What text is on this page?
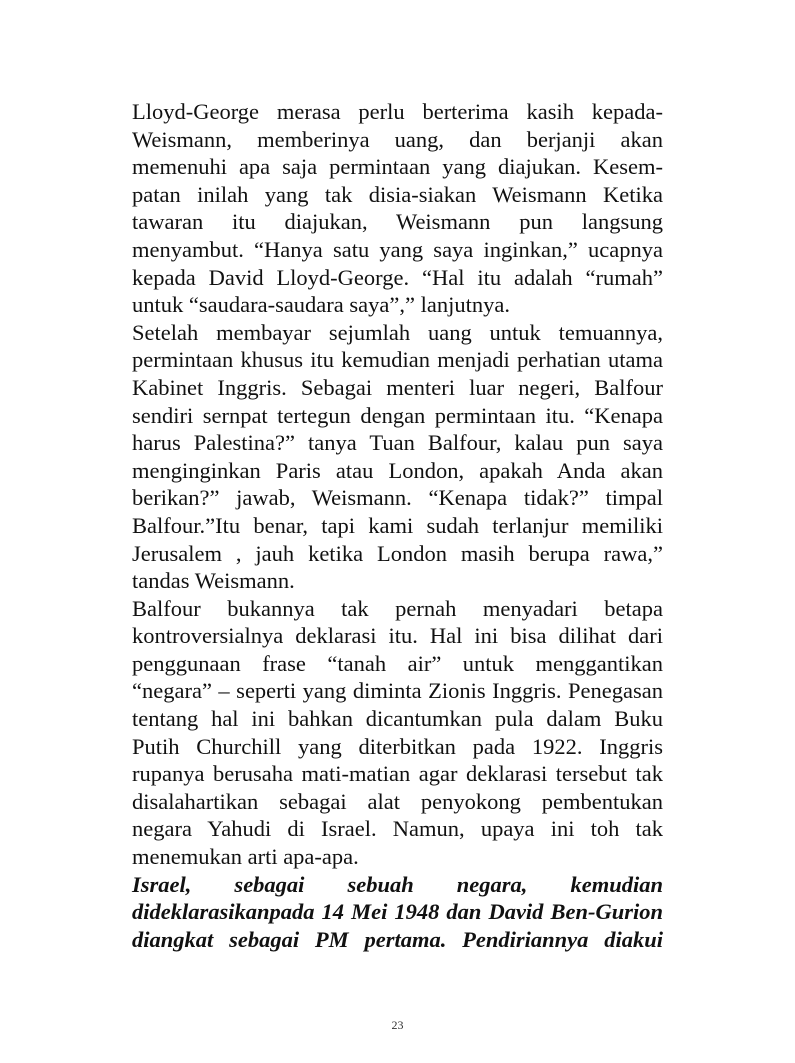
Lloyd-George merasa perlu berterima kasih kepada-Weismann, memberinya uang, dan berjanji akan memenuhi apa saja permintaan yang diajukan. Kesem-patan inilah yang tak disia-siakan Weismann Ketika tawaran itu diajukan, Weismann pun langsung menyambut. “Hanya satu yang saya inginkan,” ucapnya kepada David Lloyd-George. “Hal itu adalah “rumah” untuk “saudara-saudara saya”,” lanjutnya.

Setelah membayar sejumlah uang untuk temuannya, permintaan khusus itu kemudian menjadi perhatian utama Kabinet Inggris. Sebagai menteri luar negeri, Balfour sendiri sernpat tertegun dengan permintaan itu. “Kenapa harus Palestina?” tanya Tuan Balfour, kalau pun saya menginginkan Paris atau London, apakah Anda akan berikan?” jawab, Weismann. “Kenapa tidak?” timpal Balfour.”Itu benar, tapi kami sudah terlanjur memiliki Jerusalem , jauh ketika London masih berupa rawa,” tandas Weismann.

Balfour bukannya tak pernah menyadari betapa kontroversialnya deklarasi itu. Hal ini bisa dilihat dari penggunaan frase “tanah air” untuk menggantikan “negara” – seperti yang diminta Zionis Inggris. Penegasan tentang hal ini bahkan dicantumkan pula dalam Buku Putih Churchill yang diterbitkan pada 1922. Inggris rupanya berusaha mati-matian agar deklarasi tersebut tak disalahartikan sebagai alat penyokong pembentukan negara Yahudi di Israel. Namun, upaya ini toh tak menemukan arti apa-apa.

Israel, sebagai sebuah negara, kemudian dideklarasikanpada 14 Mei 1948 dan David Ben-Gurion diangkat sebagai PM pertama. Pendiriannya diakui

23
